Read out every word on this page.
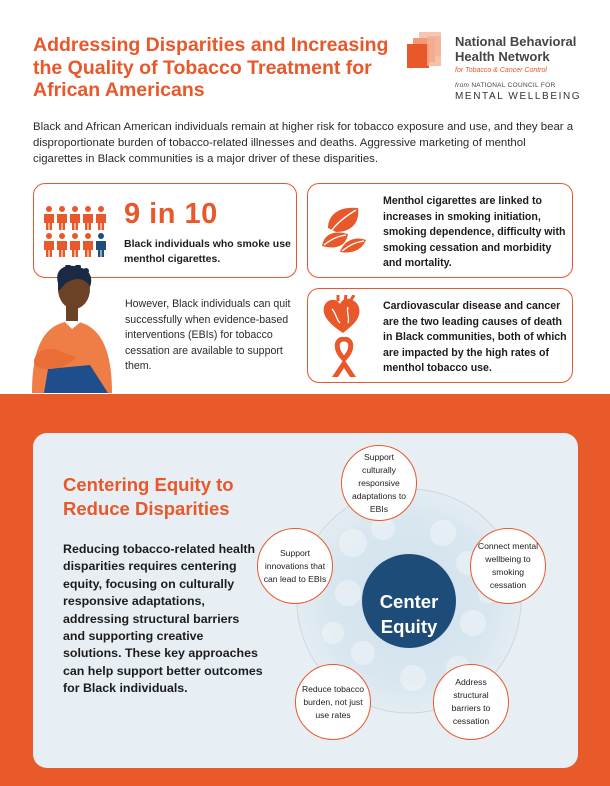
Addressing Disparities and Increasing the Quality of Tobacco Treatment for African Americans
National Behavioral
Health Network
for Tobacco & Cancer Control
from NATIONAL COUNCIL FOR
MENTAL WELLBEING

Black and African American individuals remain at higher risk for tobacco exposure and use, and they bear a disproportionate burden of tobacco-related illnesses and deaths. Aggressive marketing of menthol cigarettes in Black communities is a major driver of these disparities.

9 in 10
Black individuals who smoke use menthol cigarettes.
Menthol cigarettes are linked to increases in smoking initiation, smoking dependence, difficulty with smoking cessation and morbidity and mortality.
Cardiovascular disease and cancer are the two leading causes of death in Black communities, both of which are impacted by the high rates of menthol tobacco use.

However, Black individuals can quit successfully when evidence-based interventions (EBIs) for tobacco cessation are available to support them.

Centering Equity to Reduce Disparities
Reducing tobacco-related health disparities requires centering equity, focusing on culturally responsive adaptations, addressing structural barriers and supporting creative solutions. These key approaches can help support better outcomes for Black individuals.
Center Equity
Support culturally responsive adaptations to EBIs
Connect mental wellbeing to smoking cessation
Address structural barriers to cessation
Reduce tobacco burden, not just use rates
Support innovations that can lead to EBIs
